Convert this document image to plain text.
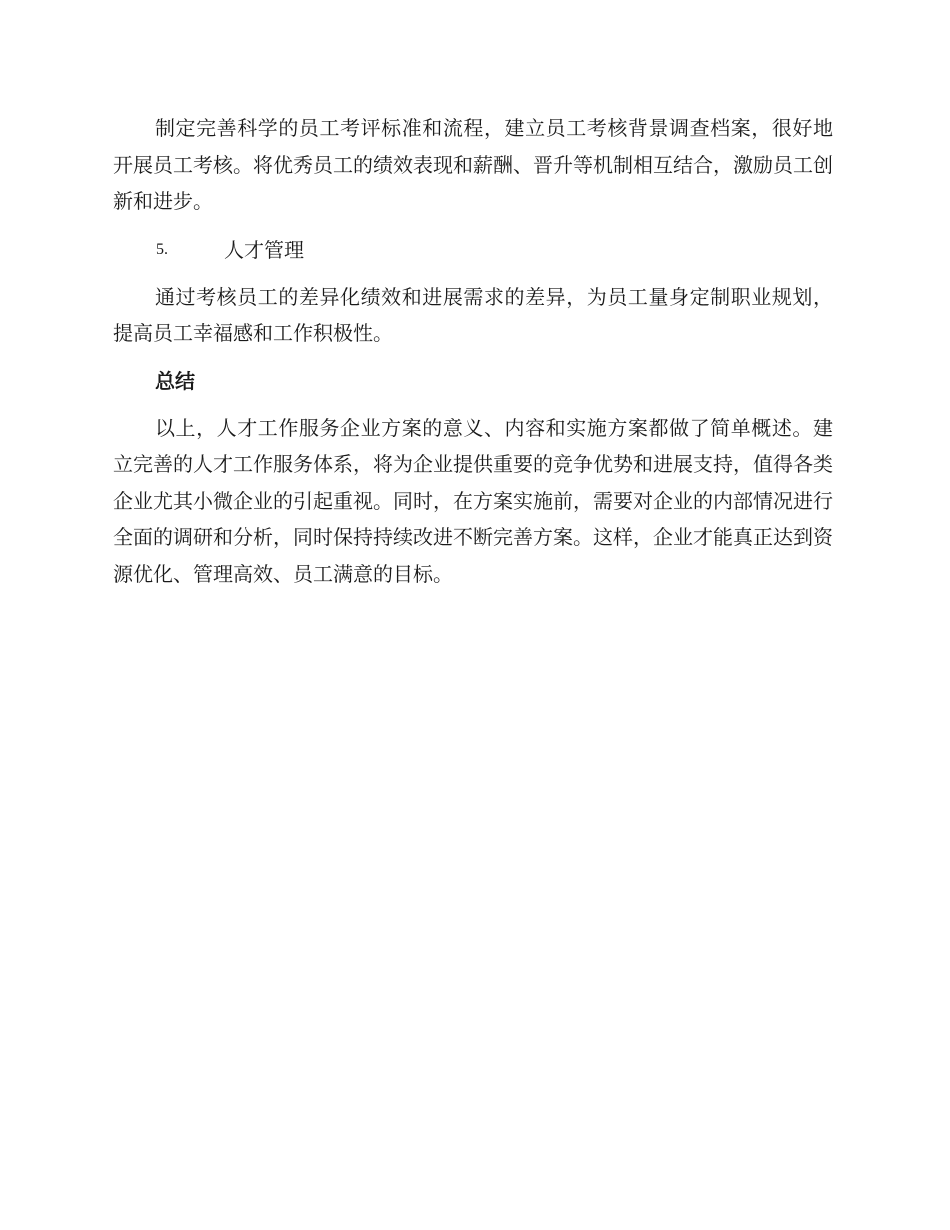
制定完善科学的员工考评标准和流程，建立员工考核背景调查档案，很好地开展员工考核。将优秀员工的绩效表现和薪酬、晋升等机制相互结合，激励员工创新和进步。

5.	人才管理

通过考核员工的差异化绩效和进展需求的差异，为员工量身定制职业规划，提高员工幸福感和工作积极性。

总结

以上，人才工作服务企业方案的意义、内容和实施方案都做了简单概述。建立完善的人才工作服务体系，将为企业提供重要的竞争优势和进展支持，值得各类企业尤其小微企业的引起重视。同时，在方案实施前，需要对企业的内部情况进行全面的调研和分析，同时保持持续改进不断完善方案。这样，企业才能真正达到资源优化、管理高效、员工满意的目标。
